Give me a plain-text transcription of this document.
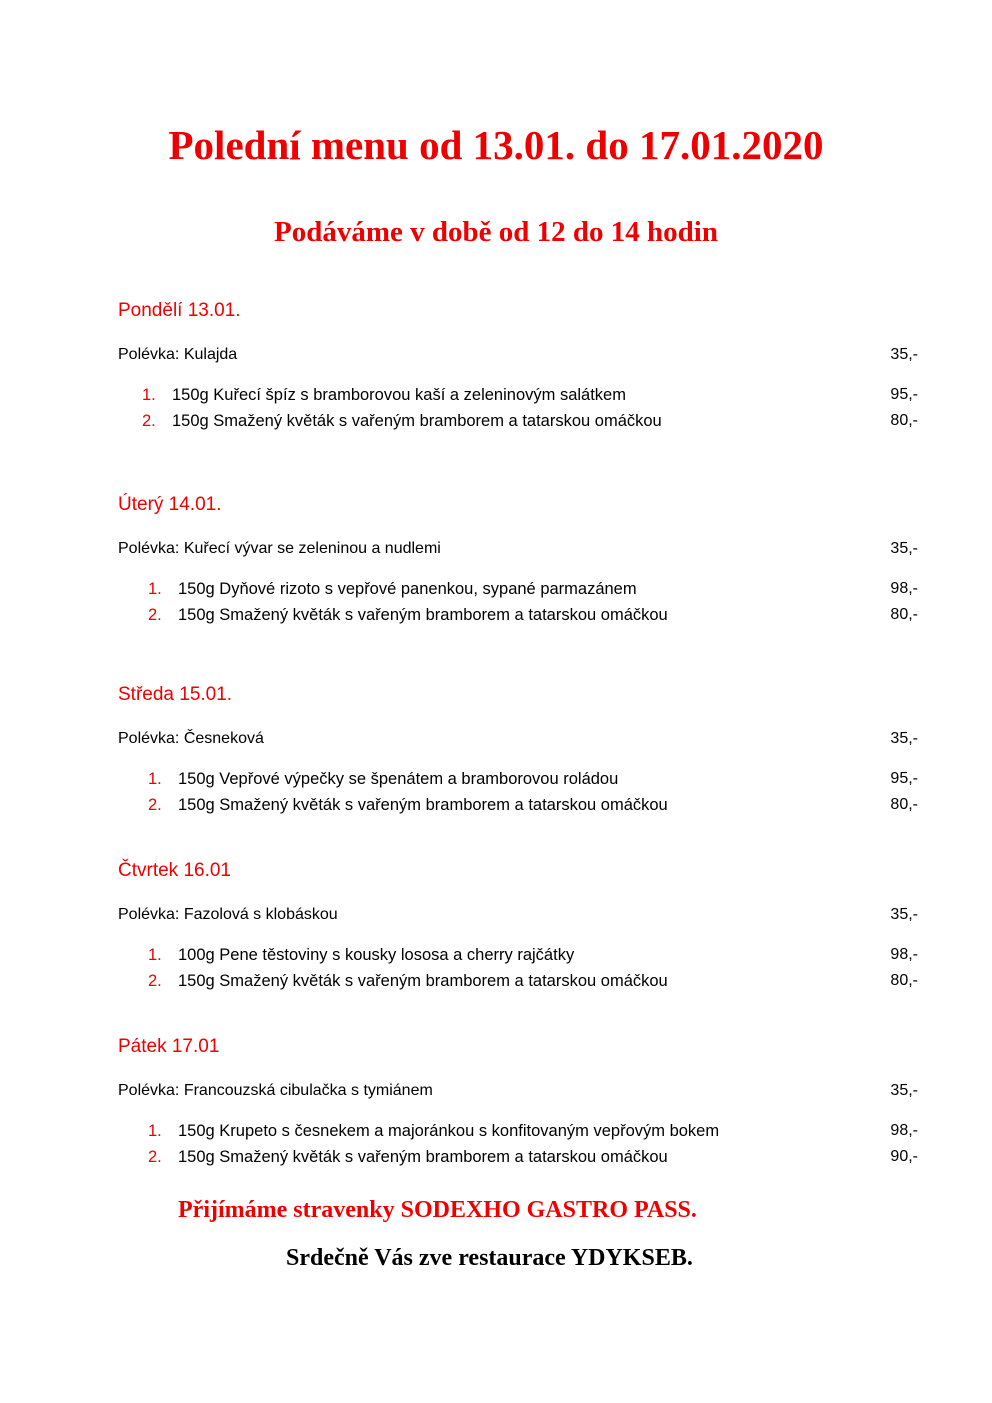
Polední menu od 13.01. do 17.01.2020
Podáváme v době od 12 do 14 hodin
Pondělí 13.01.
Polévka: Kulajda	35,-
1. 150g Kuřecí špíz s bramborovou kaší a zeleninovým salátkem	95,-
2. 150g Smažený květák s vařeným bramborem a tatarskou omáčkou	80,-
Úterý 14.01.
Polévka: Kuřecí vývar se zeleninou a nudlemi	35,-
1. 150g Dyňové rizoto s vepřové panenkou, sypané parmazánem	98,-
2. 150g Smažený květák s vařeným bramborem a tatarskou omáčkou	80,-
Středa 15.01.
Polévka: Česneková	35,-
1. 150g Vepřové výpečky se špenátem a bramborovou roládou	95,-
2. 150g Smažený květák s vařeným bramborem a tatarskou omáčkou	80,-
Čtvrtek 16.01
Polévka: Fazolová s klobáskou	35,-
1. 100g Pene těstoviny s kousky lososa a cherry rajčátky	98,-
2. 150g Smažený květák s vařeným bramborem a tatarskou omáčkou	80,-
Pátek 17.01
Polévka: Francouzská cibulačka s tymiánem	35,-
1. 150g Krupeto s česnekem a majoránkou s konfitovaným vepřovým bokem	98,-
2. 150g Smažený květák s vařeným bramborem a tatarskou omáčkou	90,-
Přijímáme stravenky SODEXHO GASTRO PASS.
Srdečně Vás zve restaurace YDYKSEB.
